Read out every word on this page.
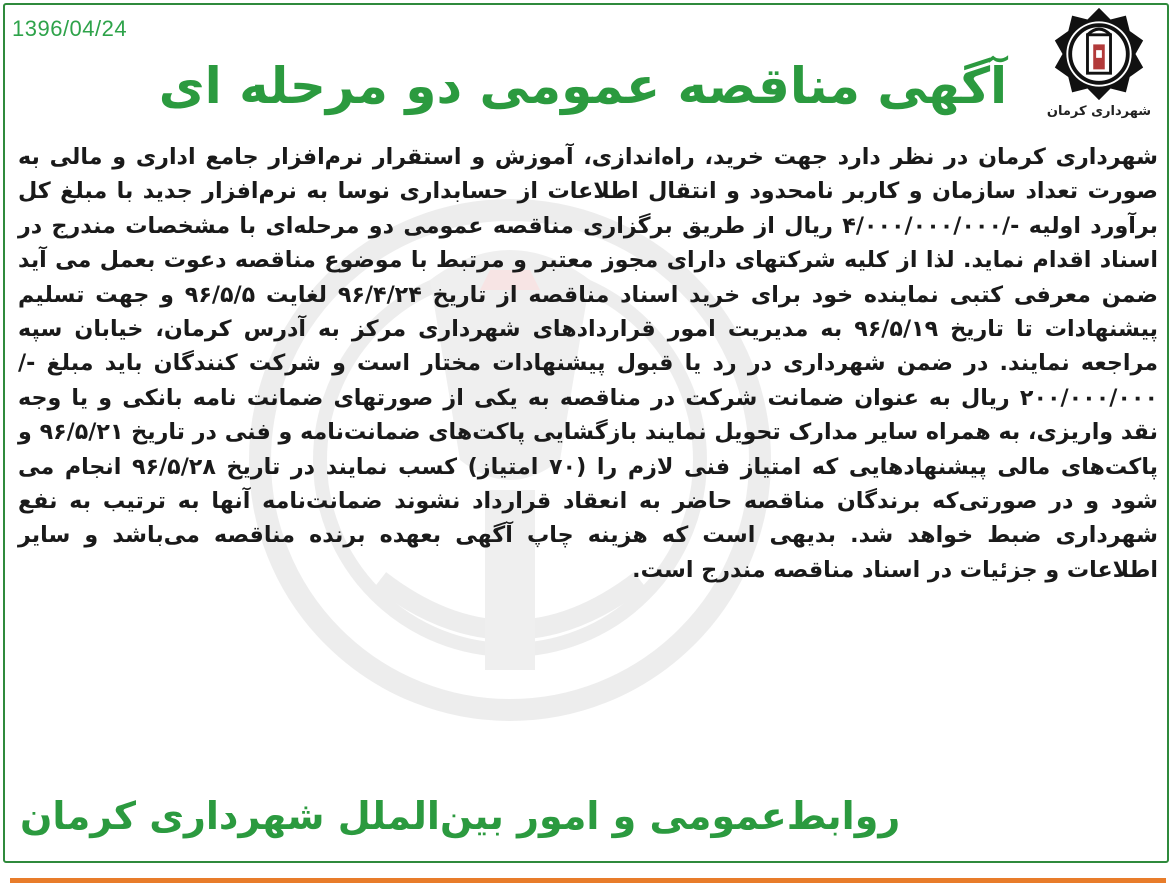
1396/04/24
شهرداری کرمان
آگهی مناقصه عمومی دو مرحله ای
شهرداری کرمان در نظر دارد جهت خرید، راه‌اندازی، آموزش و استقرار نرم‌افزار جامع اداری و مالی به صورت تعداد سازمان و کاربر نامحدود و انتقال اطلاعات از حسابداری نوسا به نرم‌افزار جدید با مبلغ کل برآورد اولیه -/۴/۰۰۰/۰۰۰/۰۰۰ ریال از طریق برگزاری مناقصه عمومی دو مرحله‌ای با مشخصات مندرج در اسناد اقدام نماید. لذا از کلیه شرکتهای دارای مجوز معتبر و مرتبط با موضوع مناقصه دعوت بعمل می آید ضمن معرفی کتبی نماینده خود برای خرید اسناد مناقصه از تاریخ ۹۶/۴/۲۴ لغایت ۹۶/۵/۵ و جهت تسلیم پیشنهادات تا تاریخ ۹۶/۵/۱۹ به مدیریت امور قراردادهای شهرداری مرکز به آدرس کرمان، خیابان سپه مراجعه نمایند. در ضمن شهرداری در رد یا قبول پیشنهادات مختار است و شرکت کنندگان باید مبلغ -/۲۰۰/۰۰۰/۰۰۰ ریال به عنوان ضمانت شرکت در مناقصه به یکی از صورتهای ضمانت نامه بانکی و یا وجه نقد واریزی، به همراه سایر مدارک تحویل نمایند بازگشایی پاکت‌های ضمانت‌نامه و فنی در تاریخ ۹۶/۵/۲۱ و پاکت‌های مالی پیشنهادهایی که امتیاز فنی لازم را (۷۰ امتیاز) کسب نمایند در تاریخ ۹۶/۵/۲۸ انجام می شود و در صورتی‌که برندگان مناقصه حاضر به انعقاد قرارداد نشوند ضمانت‌نامه آنها به ترتیب به نفع شهرداری ضبط خواهد شد. بدیهی است که هزینه چاپ آگهی بعهده برنده مناقصه می‌باشد و سایر اطلاعات و جزئیات در اسناد مناقصه مندرج است.
روابط‌عمومی و امور بین‌الملل شهرداری کرمان
